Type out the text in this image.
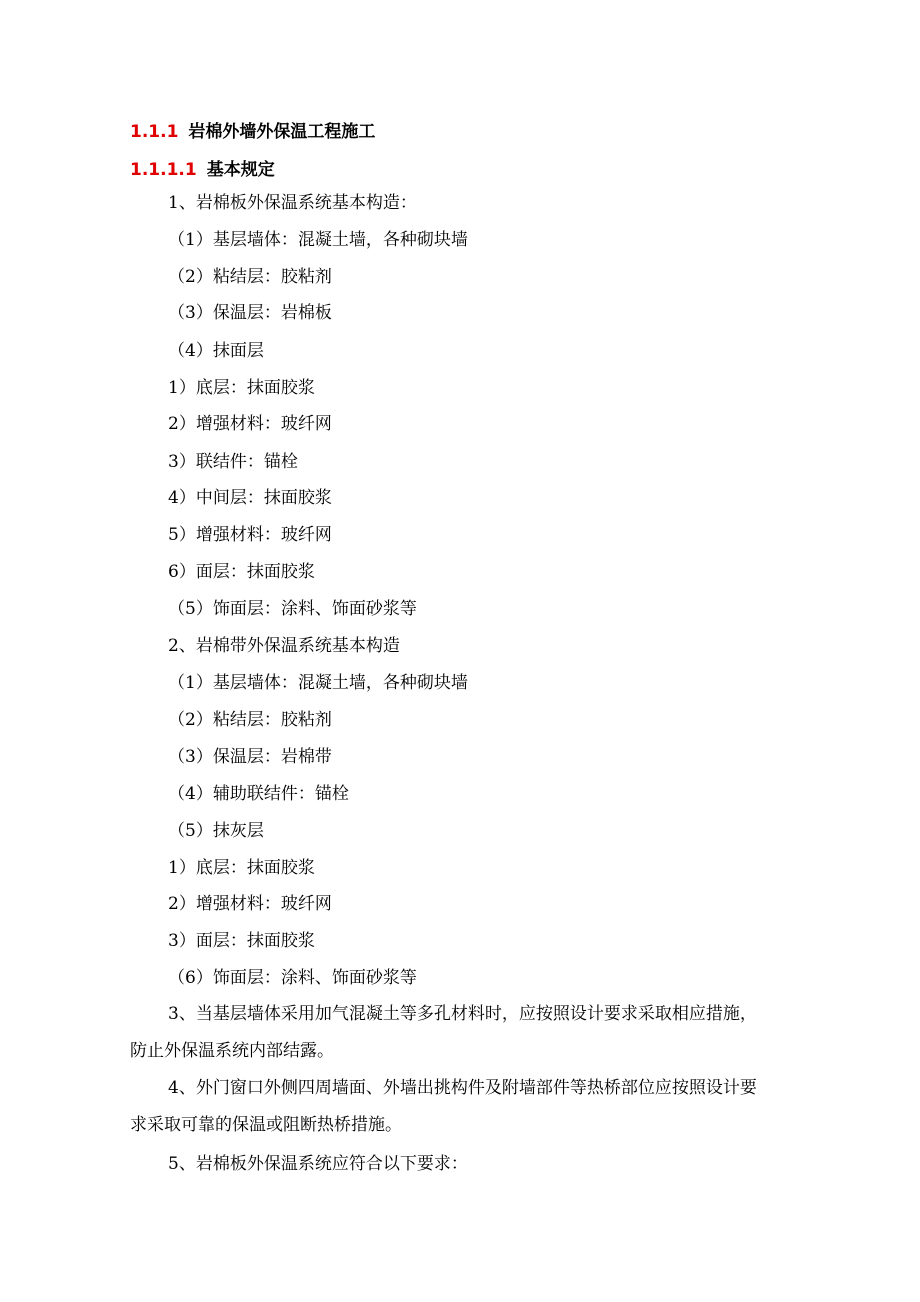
1.1.1 岩棉外墙外保温工程施工
1.1.1.1 基本规定
1、岩棉板外保温系统基本构造：
（1）基层墙体：混凝土墙，各种砌块墙
（2）粘结层：胶粘剂
（3）保温层：岩棉板
（4）抹面层
1）底层：抹面胶浆
2）增强材料：玻纤网
3）联结件：锚栓
4）中间层：抹面胶浆
5）增强材料：玻纤网
6）面层：抹面胶浆
（5）饰面层：涂料、饰面砂浆等
2、岩棉带外保温系统基本构造
（1）基层墙体：混凝土墙，各种砌块墙
（2）粘结层：胶粘剂
（3）保温层：岩棉带
（4）辅助联结件：锚栓
（5）抹灰层
1）底层：抹面胶浆
2）增强材料：玻纤网
3）面层：抹面胶浆
（6）饰面层：涂料、饰面砂浆等
3、当基层墙体采用加气混凝土等多孔材料时，应按照设计要求采取相应措施，
防止外保温系统内部结露。
4、外门窗口外侧四周墙面、外墙出挑构件及附墙部件等热桥部位应按照设计要
求采取可靠的保温或阻断热桥措施。
5、岩棉板外保温系统应符合以下要求：
